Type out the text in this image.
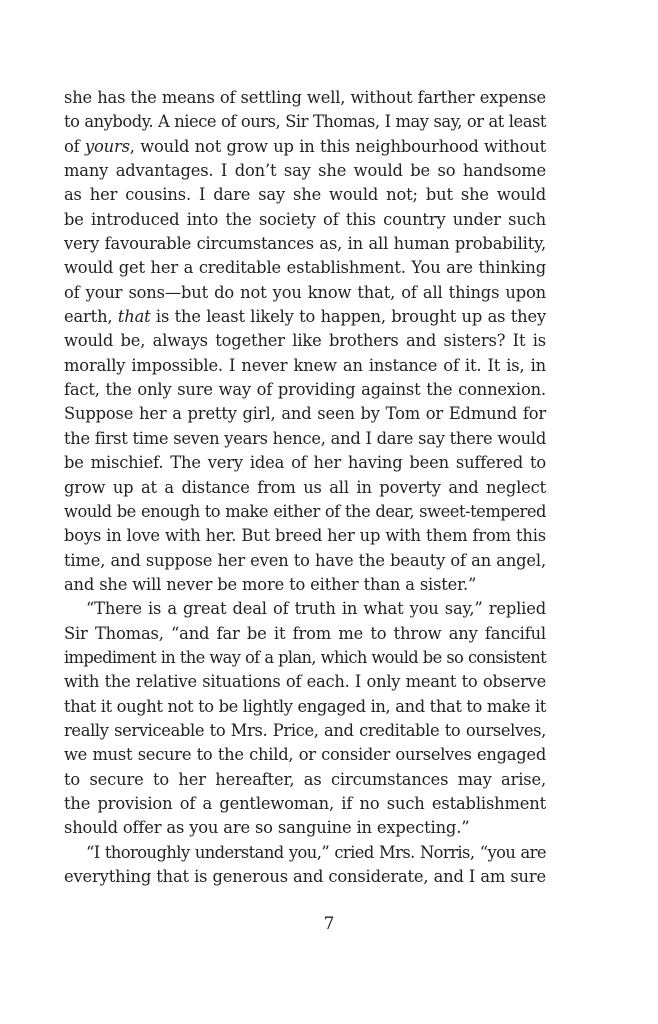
she has the means of settling well, without farther expense
to anybody. A niece of ours, Sir Thomas, I may say, or at least
of yours, would not grow up in this neighbourhood without
many advantages. I don’t say she would be so handsome
as her cousins. I dare say she would not; but she would
be introduced into the society of this country under such
very favourable circumstances as, in all human probability,
would get her a creditable establishment. You are thinking
of your sons—but do not you know that, of all things upon
earth, that is the least likely to happen, brought up as they
would be, always together like brothers and sisters? It is
morally impossible. I never knew an instance of it. It is, in
fact, the only sure way of providing against the connexion.
Suppose her a pretty girl, and seen by Tom or Edmund for
the first time seven years hence, and I dare say there would
be mischief. The very idea of her having been suffered to
grow up at a distance from us all in poverty and neglect
would be enough to make either of the dear, sweet-tempered
boys in love with her. But breed her up with them from this
time, and suppose her even to have the beauty of an angel,
and she will never be more to either than a sister.”
“There is a great deal of truth in what you say,” replied
Sir Thomas, “and far be it from me to throw any fanciful
impediment in the way of a plan, which would be so consistent
with the relative situations of each. I only meant to observe
that it ought not to be lightly engaged in, and that to make it
really serviceable to Mrs. Price, and creditable to ourselves,
we must secure to the child, or consider ourselves engaged
to secure to her hereafter, as circumstances may arise,
the provision of a gentlewoman, if no such establishment
should offer as you are so sanguine in expecting.”
“I thoroughly understand you,” cried Mrs. Norris, “you are
everything that is generous and considerate, and I am sure
7
